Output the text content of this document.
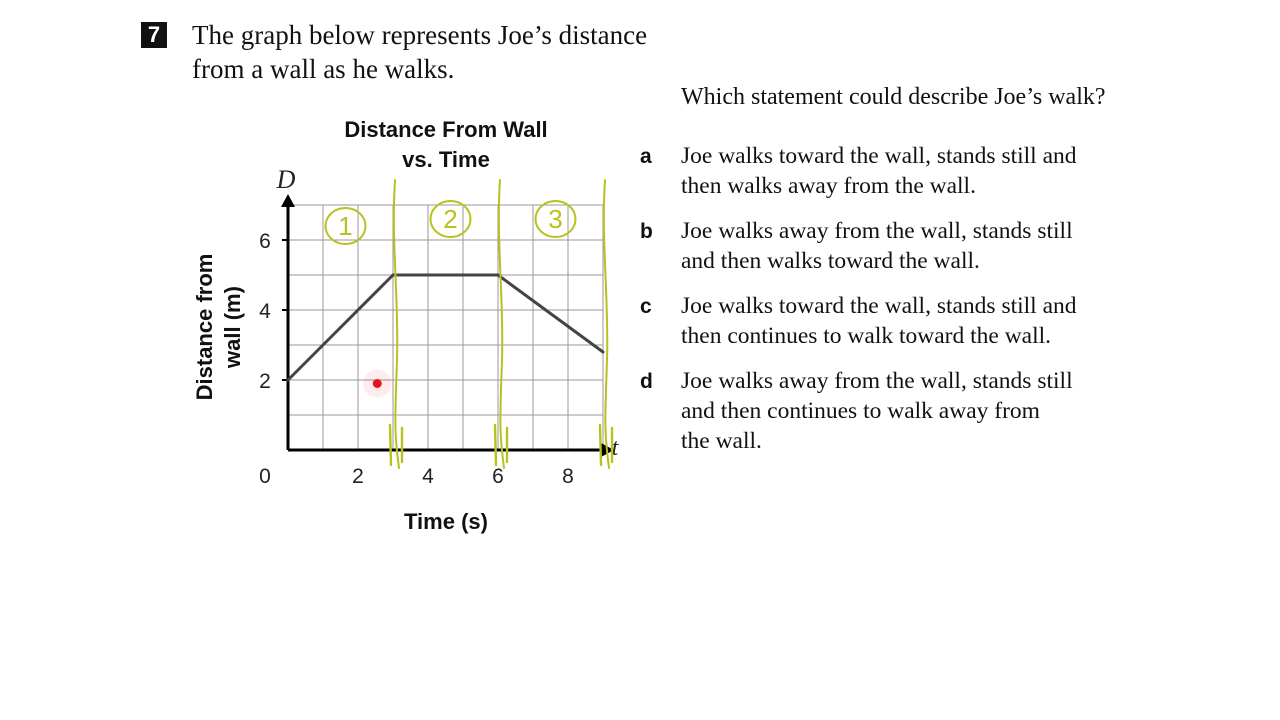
7 The graph below represents Joe’s distance
from a wall as he walks.
2
4
6
0	2	4	6	8
D
t
Distance From Wall
vs. Time
Time (s)
Distance from wall (m)
1	2	3
Which statement could describe Joe’s walk?
a	Joe walks toward the wall, stands still and
then walks away from the wall.
b	Joe walks away from the wall, stands still
and then walks toward the wall.
c	Joe walks toward the wall, stands still and
then continues to walk toward the wall.
d	Joe walks away from the wall, stands still
and then continues to walk away from
the wall.
